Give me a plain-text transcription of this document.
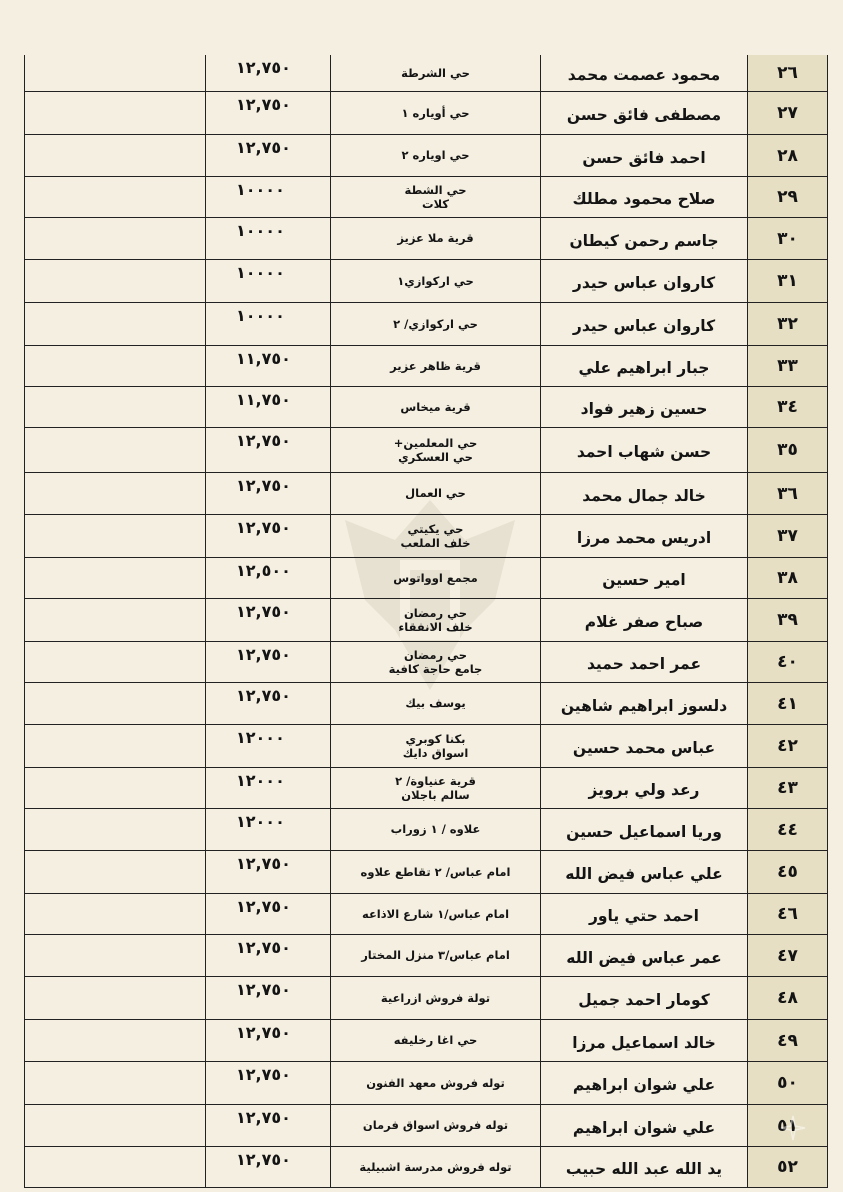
٢٦
محمود عصمت محمد
حي الشرطة
١٢,٧٥٠
٢٧
مصطفى فائق حسن
حي أويارە ١
١٢,٧٥٠
٢٨
احمد فائق حسن
حي اوياره ٢
١٢,٧٥٠
٢٩
صلاح محمود مطلك
حي الشطة
كلات
١٠٠٠٠
٣٠
جاسم رحمن كيطان
قرية ملا عزيز
١٠٠٠٠
٣١
كاروان عباس حيدر
حي اركوازي١
١٠٠٠٠
٣٢
كاروان عباس حيدر
حي اركوازي/ ٢
١٠٠٠٠
٣٣
جبار ابراهيم علي
قرية ظاهر عزير
١١,٧٥٠
٣٤
حسين زهير فواد
قرية ميخاس
١١,٧٥٠
٣٥
حسن شهاب احمد
حي المعلمين+
حي العسكري
١٢,٧٥٠
٣٦
خالد جمال محمد
حي العمال
١٢,٧٥٠
٣٧
ادريس محمد مرزا
حي يكيتي
خلف الملعب
١٢,٧٥٠
٣٨
امير حسين
مجمع اوواتوس
١٢,٥٠٠
٣٩
صباح صفر غلام
حي رمضان
خلف الانفقاء
١٢,٧٥٠
٤٠
عمر احمد حميد
حي رمضان
جامع حاجة كافية
١٢,٧٥٠
٤١
دلسوز ابراهيم شاهين
يوسف بيك
١٢,٧٥٠
٤٢
عباس محمد حسين
بكنا كوبري
اسواق دايك
١٢٠٠٠
٤٣
رعد ولي برويز
قرية عنياوة/ ٢
سالم باجلان
١٢٠٠٠
٤٤
وريا اسماعيل حسين
علاوه / ١ زوراب
١٢٠٠٠
٤٥
علي عباس فيض الله
امام عباس/ ٢ تقاطع علاوه
١٢,٧٥٠
٤٦
احمد حتي ياور
امام عباس/١ شارع الاذاعه
١٢,٧٥٠
٤٧
عمر عباس فيض الله
امام عباس/٣ منزل المختار
١٢,٧٥٠
٤٨
كومار احمد جميل
تولة فروش ازراعية
١٢,٧٥٠
٤٩
خالد اسماعيل مرزا
حي اغا رخليفه
١٢,٧٥٠
٥٠
علي شوان ابراهيم
توله فروش معهد الفنون
١٢,٧٥٠
٥١
علي شوان ابراهيم
توله فروش اسواق فرمان
١٢,٧٥٠
٥٢
يد الله عبد الله حبيب
توله فروش مدرسة اشبيلية
١٢,٧٥٠
